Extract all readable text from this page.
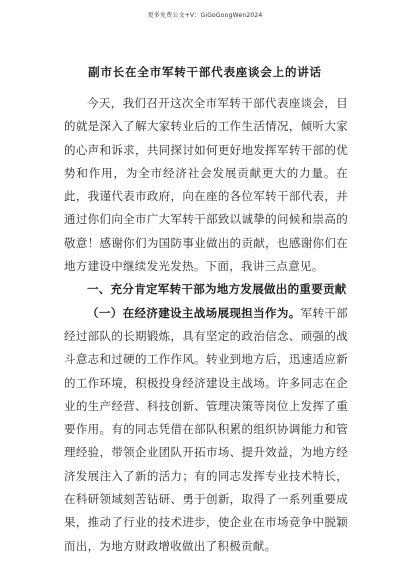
更多免费公文+V：GiGoGongWen2024
副市长在全市军转干部代表座谈会上的讲话

今天，我们召开这次全市军转干部代表座谈会，目的就是深入了解大家转业后的工作生活情况，倾听大家的心声和诉求，共同探讨如何更好地发挥军转干部的优势和作用，为全市经济社会发展贡献更大的力量。在此，我谨代表市政府，向在座的各位军转干部代表，并通过你们向全市广大军转干部致以诚挚的问候和崇高的敬意！感谢你们为国防事业做出的贡献，也感谢你们在地方建设中继续发光发热。下面，我讲三点意见。

一、充分肯定军转干部为地方发展做出的重要贡献

（一）在经济建设主战场展现担当作为。军转干部经过部队的长期锻炼，具有坚定的政治信念、顽强的战斗意志和过硬的工作作风。转业到地方后，迅速适应新的工作环境，积极投身经济建设主战场。许多同志在企业的生产经营、科技创新、管理决策等岗位上发挥了重要作用。有的同志凭借在部队积累的组织协调能力和管理经验，带领企业团队开拓市场、提升效益，为地方经济发展注入了新的活力；有的同志发挥专业技术特长，在科研领域刻苦钻研、勇于创新，取得了一系列重要成果，推动了行业的技术进步，使企业在市场竞争中脱颖而出，为地方财政增收做出了积极贡献。
